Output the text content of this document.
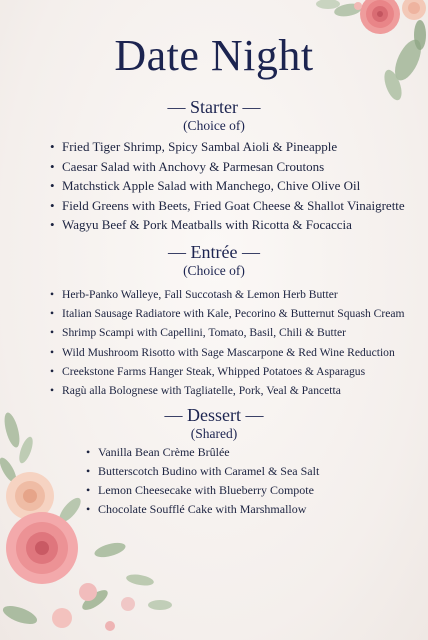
Date Night
— Starter —
(Choice of)
• Fried Tiger Shrimp, Spicy Sambal Aioli & Pineapple
• Caesar Salad with Anchovy & Parmesan Croutons
• Matchstick Apple Salad with Manchego, Chive Olive Oil
• Field Greens with Beets, Fried Goat Cheese & Shallot Vinaigrette
• Wagyu Beef & Pork Meatballs with Ricotta & Focaccia
— Entrée —
(Choice of)
• Herb-Panko Walleye, Fall Succotash & Lemon Herb Butter
• Italian Sausage Radiatore with Kale, Pecorino & Butternut Squash Cream
• Shrimp Scampi with Capellini, Tomato, Basil, Chili & Butter
• Wild Mushroom Risotto with Sage Mascarpone & Red Wine Reduction
• Creekstone Farms Hanger Steak, Whipped Potatoes & Asparagus
• Ragù alla Bolognese with Tagliatelle, Pork, Veal & Pancetta
— Dessert —
(Shared)
• Vanilla Bean Crème Brûlée
• Butterscotch Budino with Caramel & Sea Salt
• Lemon Cheesecake with Blueberry Compote
• Chocolate Soufflé Cake with Marshmallow
